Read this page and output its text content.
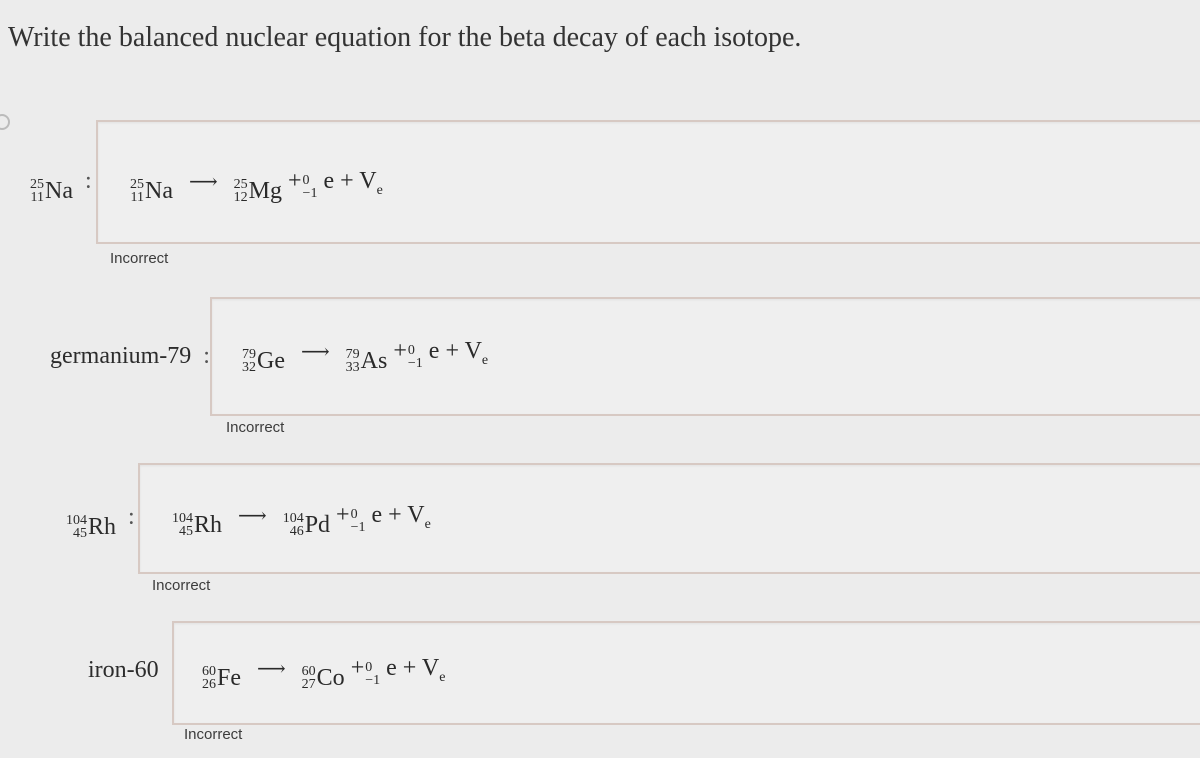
Write the balanced nuclear equation for the beta decay of each isotope.
25
11 Na :	25
11 Na ⟶ 25
12 Mg + 0
−1 $e + V_e$
Incorrect
germanium-79 : 79
32 Ge ⟶ 79
33 As + 0
−1 $e + V_e$
Incorrect
104
45 Rh :	104
45 Rh ⟶ 104
46 Pd + 0
−1 $e + V_e$
Incorrect
iron-60	60
26 Fe ⟶ 60
27 Co + 0
−1 $e + V_e$
Incorrect
